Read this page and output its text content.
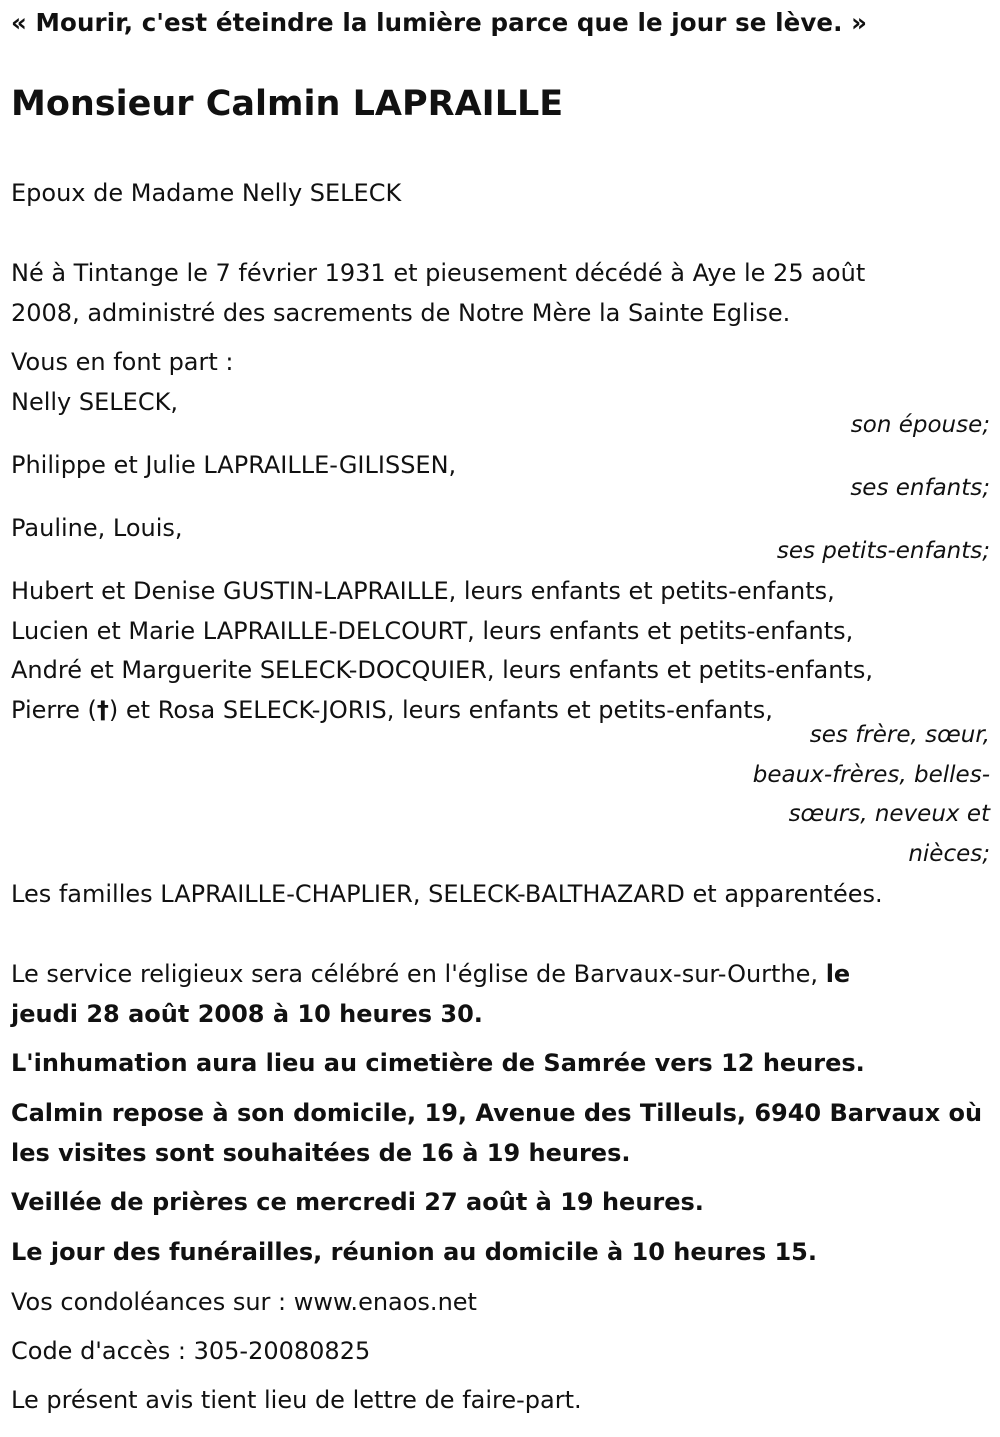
« Mourir, c'est éteindre la lumière parce que le jour se lève. »
Monsieur Calmin LAPRAILLE
Epoux de Madame Nelly SELECK
Né à Tintange le 7 février 1931 et pieusement décédé à Aye le 25 août
2008, administré des sacrements de Notre Mère la Sainte Eglise.
Vous en font part :
Nelly SELECK,
son épouse;
Philippe et Julie LAPRAILLE-GILISSEN,
ses enfants;
Pauline, Louis,
ses petits-enfants;
Hubert et Denise GUSTIN-LAPRAILLE, leurs enfants et petits-enfants,
Lucien et Marie LAPRAILLE-DELCOURT, leurs enfants et petits-enfants,
André et Marguerite SELECK-DOCQUIER, leurs enfants et petits-enfants,
Pierre (†) et Rosa SELECK-JORIS, leurs enfants et petits-enfants,
ses frère, sœur,
beaux-frères, belles-
sœurs, neveux et
nièces;
Les familles LAPRAILLE-CHAPLIER, SELECK-BALTHAZARD et apparentées.
Le service religieux sera célébré en l'église de Barvaux-sur-Ourthe, le
jeudi 28 août 2008 à 10 heures 30.
L'inhumation aura lieu au cimetière de Samrée vers 12 heures.
Calmin repose à son domicile, 19, Avenue des Tilleuls, 6940 Barvaux où
les visites sont souhaitées de 16 à 19 heures.
Veillée de prières ce mercredi 27 août à 19 heures.
Le jour des funérailles, réunion au domicile à 10 heures 15.
Vos condoléances sur : www.enaos.net
Code d'accès : 305-20080825
Le présent avis tient lieu de lettre de faire-part.
